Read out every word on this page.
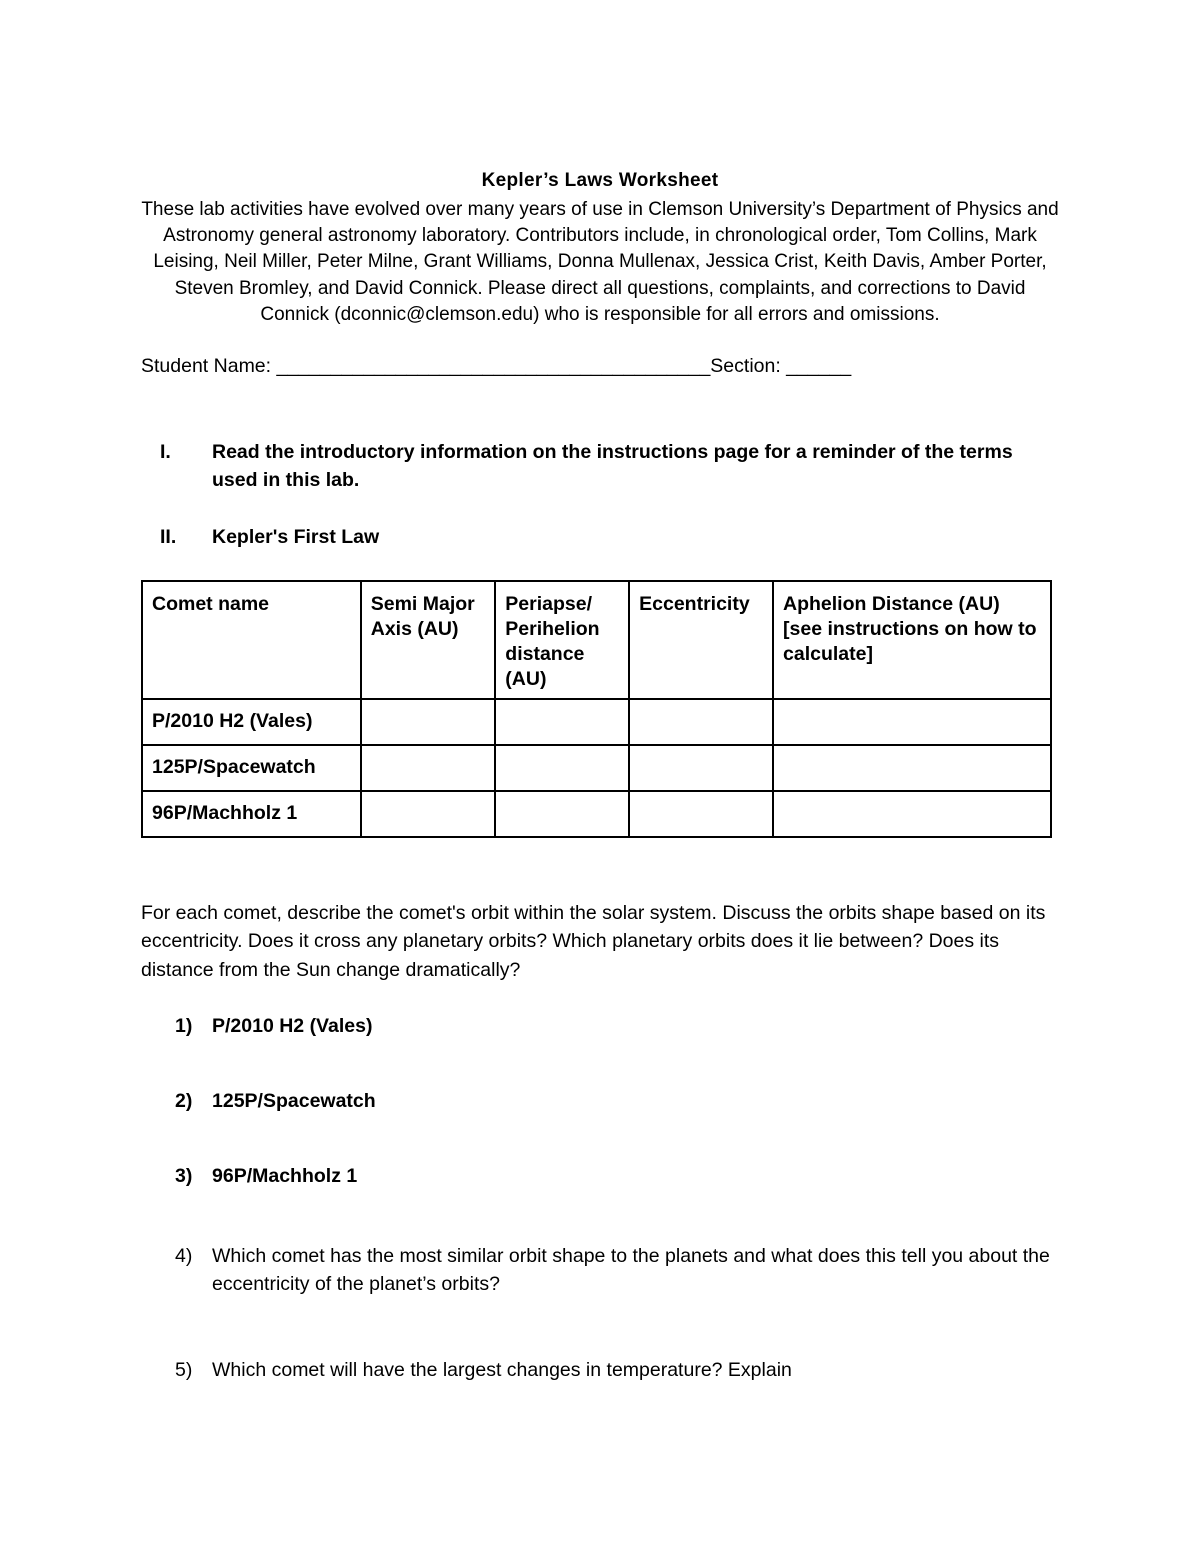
Kepler’s Laws Worksheet
These lab activities have evolved over many years of use in Clemson University’s Department of Physics and Astronomy general astronomy laboratory. Contributors include, in chronological order, Tom Collins, Mark Leising, Neil Miller, Peter Milne, Grant Williams, Donna Mullenax, Jessica Crist, Keith Davis, Amber Porter, Steven Bromley, and David Connick. Please direct all questions, complaints, and corrections to David Connick (dconnic@clemson.edu) who is responsible for all errors and omissions.
Student Name: ________________________________________Section: ______
I.	Read the introductory information on the instructions page for a reminder of the terms used in this lab.
II.	Kepler's First Law
Comet name	Semi Major Axis (AU)	Periapse/ Perihelion distance (AU)	Eccentricity	Aphelion Distance (AU) [see instructions on how to calculate]
P/2010 H2 (Vales)				
125P/Spacewatch				
96P/Machholz 1				
For each comet, describe the comet's orbit within the solar system. Discuss the orbits shape based on its eccentricity. Does it cross any planetary orbits? Which planetary orbits does it lie between? Does its distance from the Sun change dramatically?
1)	P/2010 H2 (Vales)
2)	125P/Spacewatch
3)	96P/Machholz 1
4)	Which comet has the most similar orbit shape to the planets and what does this tell you about the eccentricity of the planet’s orbits?
5)	Which comet will have the largest changes in temperature? Explain
